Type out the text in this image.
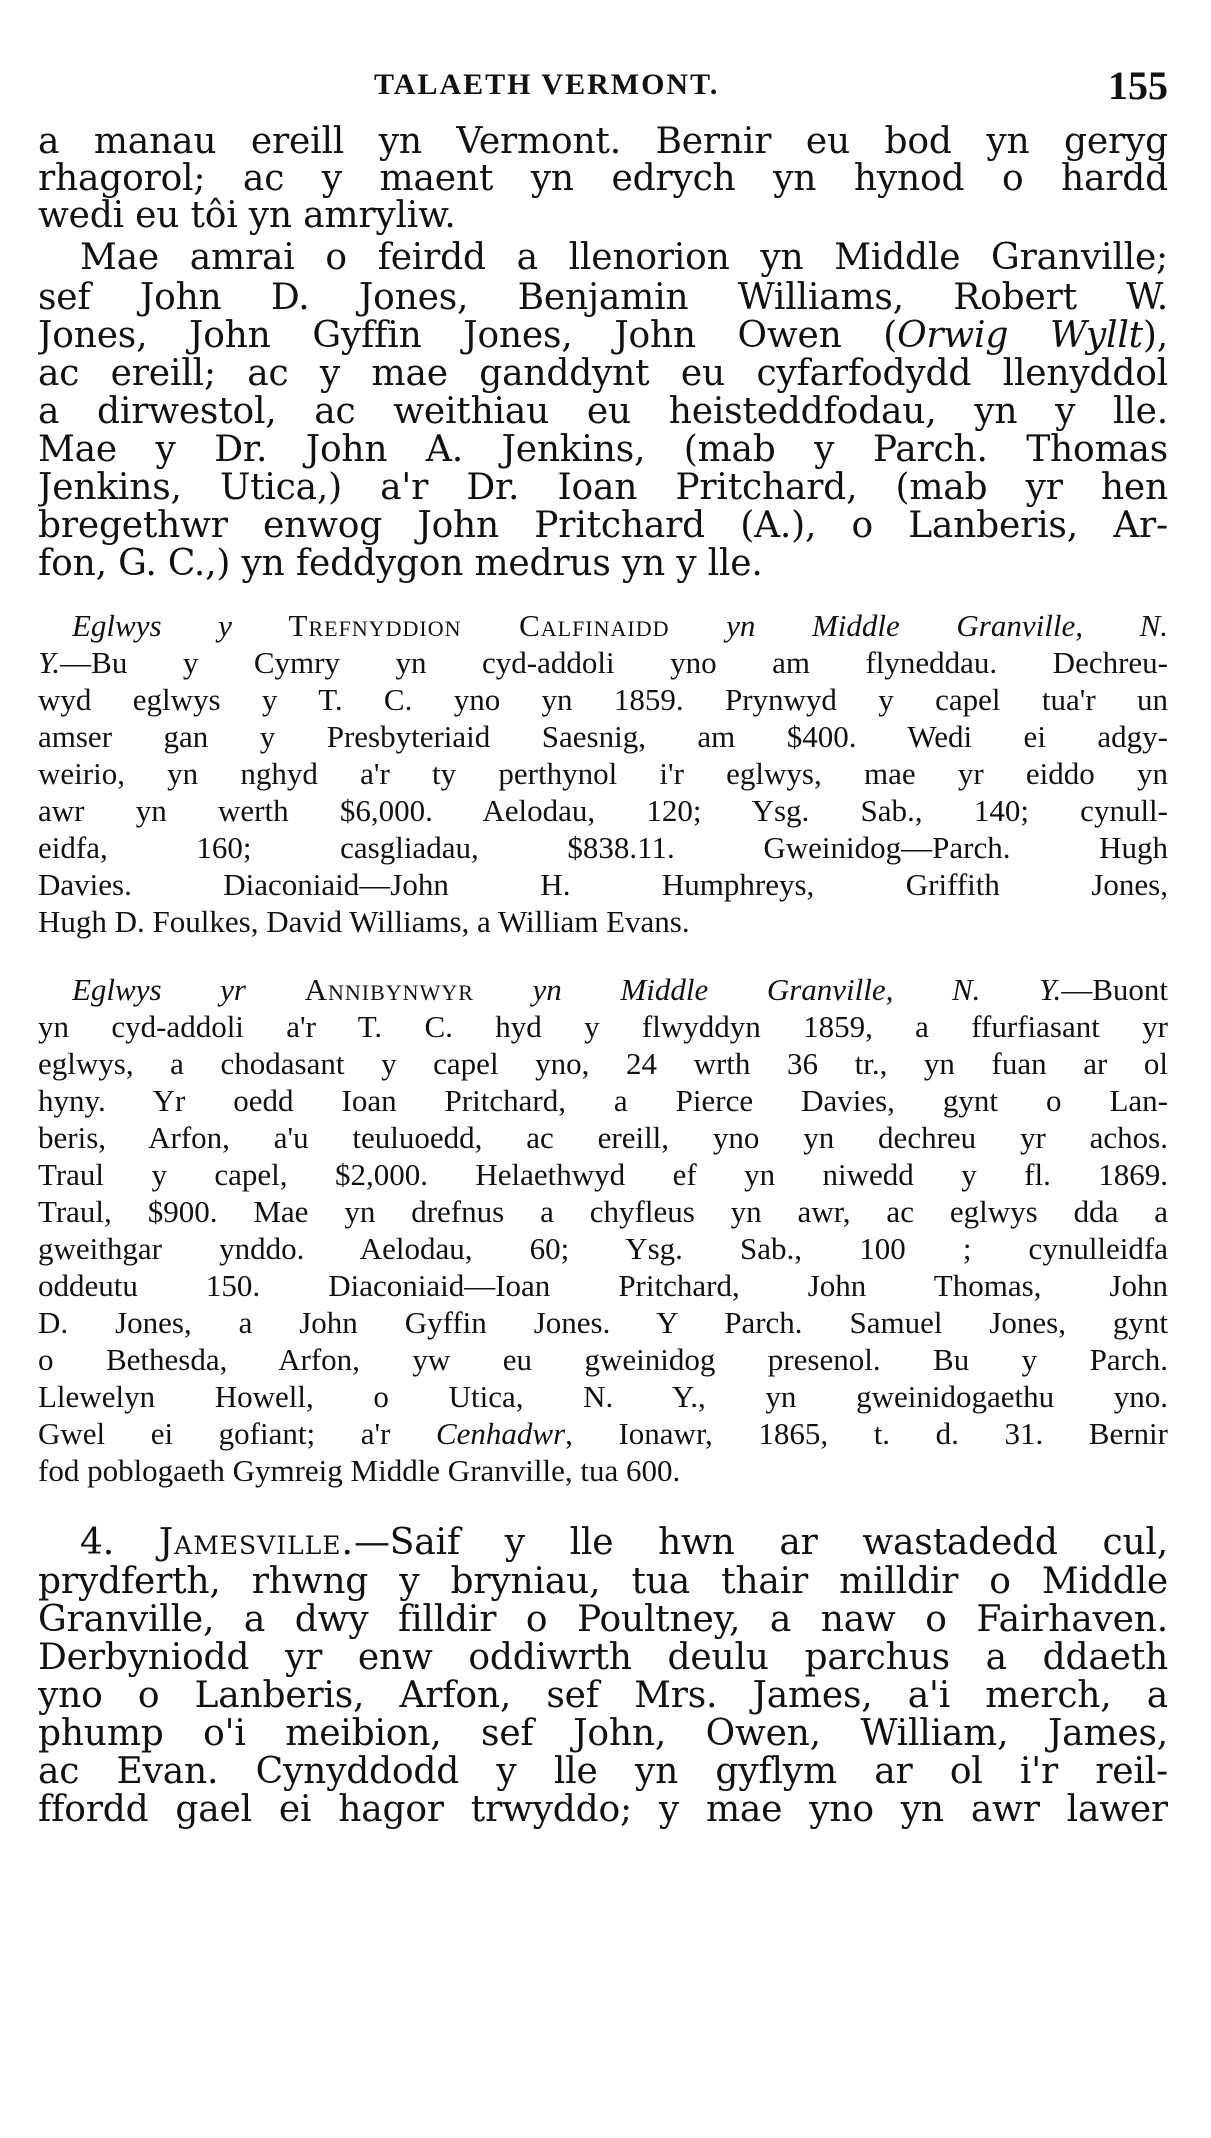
TALAETH VERMONT.	155
a manau ereill yn Vermont. Bernir eu bod yn geryg
rhagorol; ac y maent yn edrych yn hynod o hardd
wedi eu tôi yn amryliw.
Mae amrai o feirdd a llenorion yn Middle Granville;
sef John D. Jones, Benjamin Williams, Robert W.
Jones, John Gyffin Jones, John Owen (Orwig Wyllt),
ac ereill; ac y mae ganddynt eu cyfarfodydd llenyddol
a dirwestol, ac weithiau eu heisteddfodau, yn y lle.
Mae y Dr. John A. Jenkins, (mab y Parch. Thomas
Jenkins, Utica,) a'r Dr. Ioan Pritchard, (mab yr hen
bregethwr enwog John Pritchard (A.), o Lanberis, Ar-
fon, G. C.,) yn feddygon medrus yn y lle.
Eglwys y Trefnyddion Calfinaidd yn Middle Granville, N.
Y.—Bu y Cymry yn cyd-addoli yno am flyneddau. Dechreu-
wyd eglwys y T. C. yno yn 1859. Prynwyd y capel tua'r un
amser gan y Presbyteriaid Saesnig, am $400. Wedi ei adgy-
weirio, yn nghyd a'r ty perthynol i'r eglwys, mae yr eiddo yn
awr yn werth $6,000. Aelodau, 120; Ysg. Sab., 140; cynull-
eidfa, 160; casgliadau, $838.11. Gweinidog—Parch. Hugh
Davies. Diaconiaid—John H. Humphreys, Griffith Jones,
Hugh D. Foulkes, David Williams, a William Evans.
Eglwys yr Annibynwyr yn Middle Granville, N. Y.—Buont
yn cyd-addoli a'r T. C. hyd y flwyddyn 1859, a ffurfiasant yr
eglwys, a chodasant y capel yno, 24 wrth 36 tr., yn fuan ar ol
hyny. Yr oedd Ioan Pritchard, a Pierce Davies, gynt o Lan-
beris, Arfon, a'u teuluoedd, ac ereill, yno yn dechreu yr achos.
Traul y capel, $2,000. Helaethwyd ef yn niwedd y fl. 1869.
Traul, $900. Mae yn drefnus a chyfleus yn awr, ac eglwys dda a
gweithgar ynddo. Aelodau, 60; Ysg. Sab., 100 ; cynulleidfa
oddeutu 150. Diaconiaid—Ioan Pritchard, John Thomas, John
D. Jones, a John Gyffin Jones. Y Parch. Samuel Jones, gynt
o Bethesda, Arfon, yw eu gweinidog presenol. Bu y Parch.
Llewelyn Howell, o Utica, N. Y., yn gweinidogaethu yno.
Gwel ei gofiant; a'r Cenhadwr, Ionawr, 1865, t. d. 31. Bernir
fod poblogaeth Gymreig Middle Granville, tua 600.
4. Jamesville.—Saif y lle hwn ar wastadedd cul,
prydferth, rhwng y bryniau, tua thair milldir o Middle
Granville, a dwy filldir o Poultney, a naw o Fairhaven.
Derbyniodd yr enw oddiwrth deulu parchus a ddaeth
yno o Lanberis, Arfon, sef Mrs. James, a'i merch, a
phump o'i meibion, sef John, Owen, William, James,
ac Evan. Cynyddodd y lle yn gyflym ar ol i'r reil-
ffordd gael ei hagor trwyddo; y mae yno yn awr lawer
